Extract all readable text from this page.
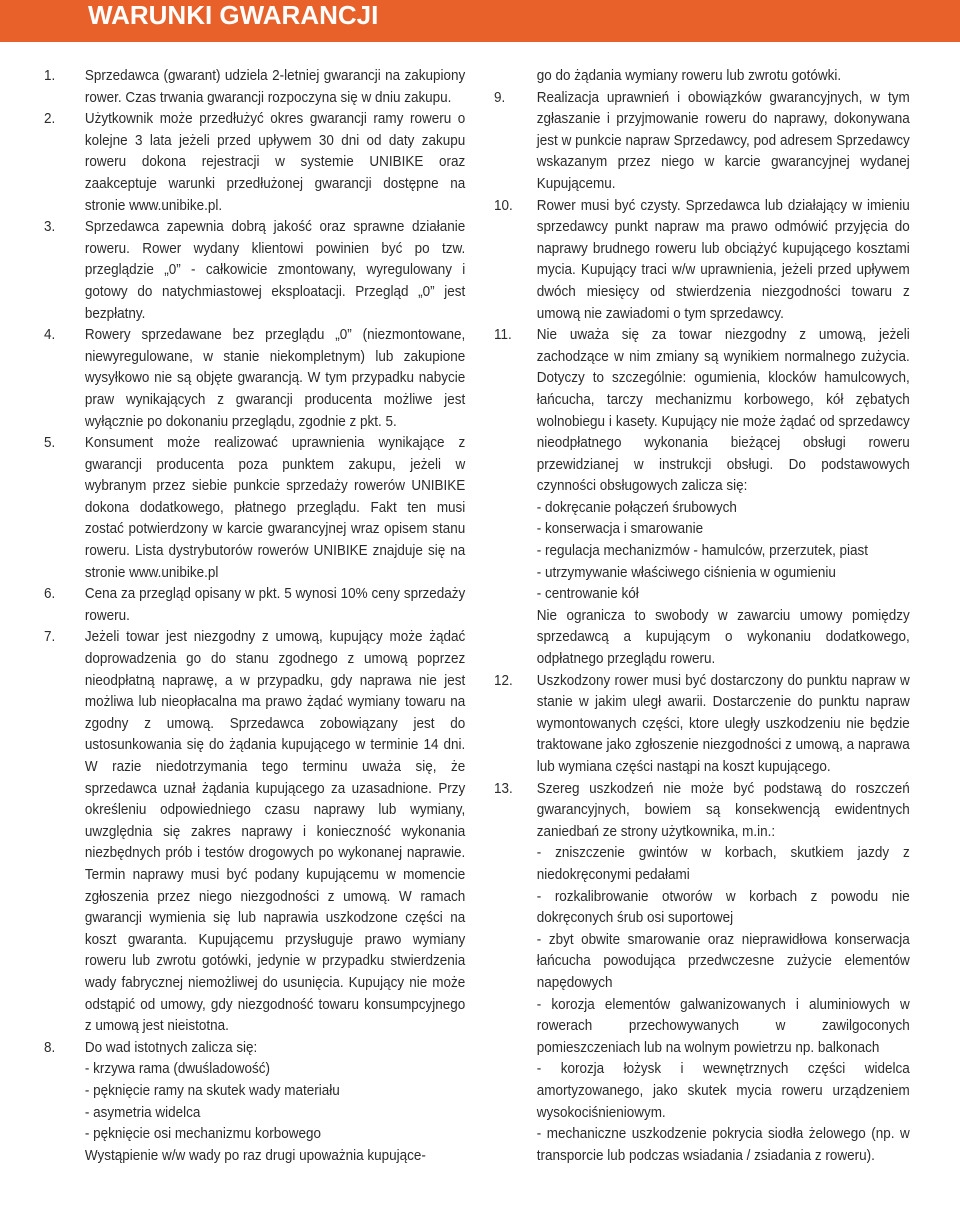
WARUNKI GWARANCJI
1.	Sprzedawca (gwarant) udziela 2-letniej gwarancji na zakupiony rower. Czas trwania gwarancji rozpoczyna się w dniu zakupu.
2.	Użytkownik może przedłużyć okres gwarancji ramy roweru o kolejne 3 lata jeżeli przed upływem 30 dni od daty zakupu roweru dokona rejestracji w systemie UNIBIKE oraz zaakceptuje warunki przedłużonej gwarancji dostępne na stronie www.unibike.pl.
3.	Sprzedawca zapewnia dobrą jakość oraz sprawne działanie roweru. Rower wydany klientowi powinien być po tzw. przeglądzie „0” - całkowicie zmontowany, wyregulowany i gotowy do natychmiastowej eksploatacji. Przegląd „0” jest bezpłatny.
4.	Rowery sprzedawane bez przeglądu „0” (niezmontowane, niewyregulowane, w stanie niekompletnym) lub zakupione wysyłkowo nie są objęte gwarancją. W tym przypadku nabycie praw wynikających z gwarancji producenta możliwe jest wyłącznie po dokonaniu przeglądu, zgodnie z pkt. 5.
5.	Konsument może realizować uprawnienia wynikające z gwarancji producenta poza punktem zakupu, jeżeli w wybranym przez siebie punkcie sprzedaży rowerów UNIBIKE dokona dodatkowego, płatnego przeglądu. Fakt ten musi zostać potwierdzony w karcie gwarancyjnej wraz opisem stanu roweru. Lista dystrybutorów rowerów UNIBIKE znajduje się na stronie www.unibike.pl
6.	Cena za przegląd opisany w pkt. 5 wynosi 10% ceny sprzedaży roweru.
7.	Jeżeli towar jest niezgodny z umową, kupujący może żądać doprowadzenia go do stanu zgodnego z umową poprzez nieodpłatną naprawę, a w przypadku, gdy naprawa nie jest możliwa lub nieopłacalna ma prawo żądać wymiany towaru na zgodny z umową. Sprzedawca zobowiązany jest do ustosunkowania się do żądania kupującego w terminie 14 dni. W razie niedotrzymania tego terminu uważa się, że sprzedawca uznał żądania kupującego za uzasadnione. Przy określeniu odpowiedniego czasu naprawy lub wymiany, uwzględnia się zakres naprawy i konieczność wykonania niezbędnych prób i testów drogowych po wykonanej naprawie. Termin naprawy musi być podany kupującemu w momencie zgłoszenia przez niego niezgodności z umową. W ramach gwarancji wymienia się lub naprawia uszkodzone części na koszt gwaranta. Kupującemu przysługuje prawo wymiany roweru lub zwrotu gotówki, jedynie w przypadku stwierdzenia wady fabrycznej niemożliwej do usunięcia. Kupujący nie może odstąpić od umowy, gdy niezgodność towaru konsumpcyjnego z umową jest nieistotna.
8.	Do wad istotnych zalicza się:
- krzywa rama (dwuśladowość)
- pęknięcie ramy na skutek wady materiału
- asymetria widelca
- pęknięcie osi mechanizmu korbowego
Wystąpienie w/w wady po raz drugi upoważnia kupujące-
go do żądania wymiany roweru lub zwrotu gotówki.
9.	Realizacja uprawnień i obowiązków gwarancyjnych, w tym zgłaszanie i przyjmowanie roweru do naprawy, dokonywana jest w punkcie napraw Sprzedawcy, pod adresem Sprzedawcy wskazanym przez niego w karcie gwarancyjnej wydanej Kupującemu.
10.	Rower musi być czysty. Sprzedawca lub działający w imieniu sprzedawcy punkt napraw ma prawo odmówić przyjęcia do naprawy brudnego roweru lub obciążyć kupującego kosztami mycia. Kupujący traci w/w uprawnienia, jeżeli przed upływem dwóch miesięcy od stwierdzenia niezgodności towaru z umową nie zawiadomi o tym sprzedawcy.
11.	Nie uważa się za towar niezgodny z umową, jeżeli zachodzące w nim zmiany są wynikiem normalnego zużycia. Dotyczy to szczególnie: ogumienia, klocków hamulcowych, łańcucha, tarczy mechanizmu korbowego, kół zębatych wolnobiegu i kasety. Kupujący nie może żądać od sprzedawcy nieodpłatnego wykonania bieżącej obsługi roweru przewidzianej w instrukcji obsługi. Do podstawowych czynności obsługowych zalicza się:
- dokręcanie połączeń śrubowych
- konserwacja i smarowanie
- regulacja mechanizmów - hamulców, przerzutek, piast
- utrzymywanie właściwego ciśnienia w ogumieniu
- centrowanie kół
Nie ogranicza to swobody w zawarciu umowy pomiędzy sprzedawcą a kupującym o wykonaniu dodatkowego, odpłatnego przeglądu roweru.
12.	Uszkodzony rower musi być dostarczony do punktu napraw w stanie w jakim uległ awarii. Dostarczenie do punktu napraw wymontowanych części, ktore uległy uszkodzeniu nie będzie traktowane jako zgłoszenie niezgodności z umową, a naprawa lub wymiana części nastąpi na koszt kupującego.
13.	Szereg uszkodzeń nie może być podstawą do roszczeń gwarancyjnych, bowiem są konsekwencją ewidentnych zaniedbań ze strony użytkownika, m.in.:
- zniszczenie gwintów w korbach, skutkiem jazdy z niedokręconymi pedałami
- rozkalibrowanie otworów w korbach z powodu nie dokręconych śrub osi suportowej
- zbyt obwite smarowanie oraz nieprawidłowa konserwacja łańcucha powodująca przedwczesne zużycie elementów napędowych
- korozja elementów galwanizowanych i aluminiowych w rowerach przechowywanych w zawilgoconych pomieszczeniach lub na wolnym powietrzu np. balkonach
- korozja łożysk i wewnętrznych części widelca amortyzowanego, jako skutek mycia roweru urządzeniem wysokociśnieniowym.
- mechaniczne uszkodzenie pokrycia siodła żelowego (np. w transporcie lub podczas wsiadania / zsiadania z roweru).
